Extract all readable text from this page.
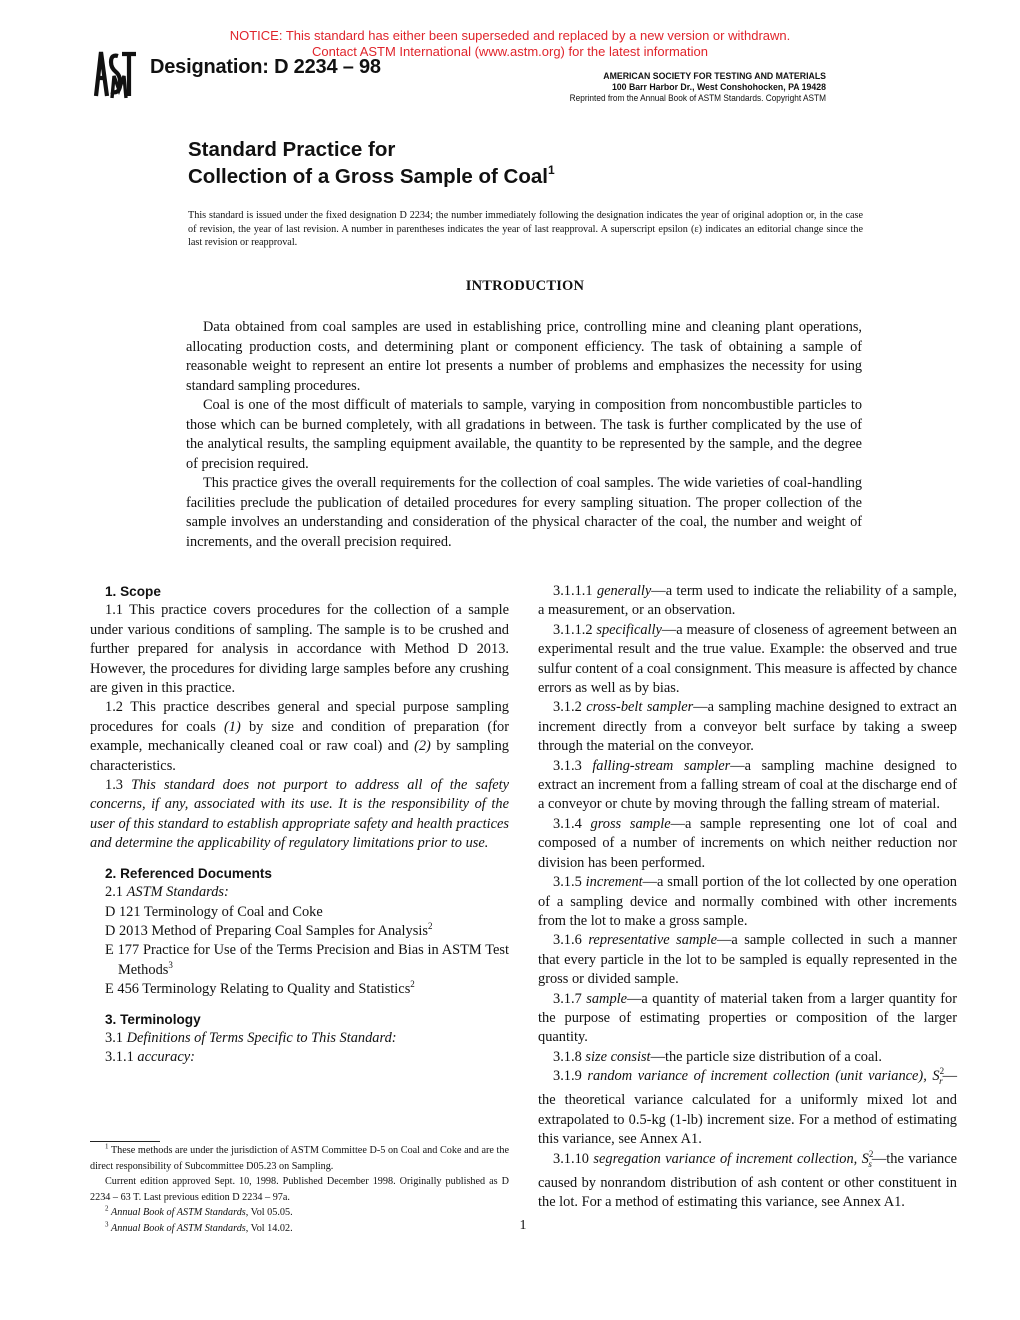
NOTICE: This standard has either been superseded and replaced by a new version or withdrawn.
Contact ASTM International (www.astm.org) for the latest information
Designation: D 2234 – 98	AMERICAN SOCIETY FOR TESTING AND MATERIALS
100 Barr Harbor Dr., West Conshohocken, PA 19428
Reprinted from the Annual Book of ASTM Standards. Copyright ASTM
Standard Practice for
Collection of a Gross Sample of Coal$^1$
This standard is issued under the fixed designation D 2234; the number immediately following the designation indicates the year of original adoption or, in the case of revision, the year of last revision. A number in parentheses indicates the year of last reapproval. A superscript epsilon (ε) indicates an editorial change since the last revision or reapproval.
INTRODUCTION

Data obtained from coal samples are used in establishing price, controlling mine and cleaning plant operations, allocating production costs, and determining plant or component efficiency. The task of obtaining a sample of reasonable weight to represent an entire lot presents a number of problems and emphasizes the necessity for using standard sampling procedures.

Coal is one of the most difficult of materials to sample, varying in composition from noncombustible particles to those which can be burned completely, with all gradations in between. The task is further complicated by the use of the analytical results, the sampling equipment available, the quantity to be represented by the sample, and the degree of precision required.

This practice gives the overall requirements for the collection of coal samples. The wide varieties of coal-handling facilities preclude the publication of detailed procedures for every sampling situation. The proper collection of the sample involves an understanding and consideration of the physical character of the coal, the number and weight of increments, and the overall precision required.

1. Scope

1.1 This practice covers procedures for the collection of a sample under various conditions of sampling. The sample is to be crushed and further prepared for analysis in accordance with Method D 2013. However, the procedures for dividing large samples before any crushing are given in this practice.

1.2 This practice describes general and special purpose sampling procedures for coals (1) by size and condition of preparation (for example, mechanically cleaned coal or raw coal) and (2) by sampling characteristics.

1.3 This standard does not purport to address all of the safety concerns, if any, associated with its use. It is the responsibility of the user of this standard to establish appropriate safety and health practices and determine the applicability of regulatory limitations prior to use.

2. Referenced Documents

2.1 ASTM Standards:

D 121 Terminology of Coal and Coke

D 2013 Method of Preparing Coal Samples for Analysis$^2$

E 177 Practice for Use of the Terms Precision and Bias in ASTM Test Methods$^3$

E 456 Terminology Relating to Quality and Statistics$^2$

3. Terminology

3.1 Definitions of Terms Specific to This Standard:

3.1.1 accuracy:

$^1$ These methods are under the jurisdiction of ASTM Committee D-5 on Coal and Coke and are the direct responsibility of Subcommittee D05.23 on Sampling.

Current edition approved Sept. 10, 1998. Published December 1998. Originally published as D 2234 – 63 T. Last previous edition D 2234 – 97a.

$^2$ Annual Book of ASTM Standards, Vol 05.05.

$^3$ Annual Book of ASTM Standards, Vol 14.02.

3.1.1.1 generally—a term used to indicate the reliability of a sample, a measurement, or an observation.

3.1.1.2 specifically—a measure of closeness of agreement between an experimental result and the true value. Example: the observed and true sulfur content of a coal consignment. This measure is affected by chance errors as well as by bias.

3.1.2 cross-belt sampler—a sampling machine designed to extract an increment directly from a conveyor belt surface by taking a sweep through the material on the conveyor.

3.1.3 falling-stream sampler—a sampling machine designed to extract an increment from a falling stream of coal at the discharge end of a conveyor or chute by moving through the falling stream of material.

3.1.4 gross sample—a sample representing one lot of coal and composed of a number of increments on which neither reduction nor division has been performed.

3.1.5 increment—a small portion of the lot collected by one operation of a sampling device and normally combined with other increments from the lot to make a gross sample.

3.1.6 representative sample—a sample collected in such a manner that every particle in the lot to be sampled is equally represented in the gross or divided sample.

3.1.7 sample—a quantity of material taken from a larger quantity for the purpose of estimating properties or composition of the larger quantity.

3.1.8 size consist—the particle size distribution of a coal.

3.1.9 random variance of increment collection (unit variance), $S^2_r—the$ theoretical variance calculated for a uniformly mixed lot and extrapolated to 0.5-kg (1-lb) increment size. For a method of estimating this variance, see Annex A1.

3.1.10 segregation variance of increment collection, $S^2_s—the$ variance caused by nonrandom distribution of ash content or other constituent in the lot. For a method of estimating this variance, see Annex A1.

1
